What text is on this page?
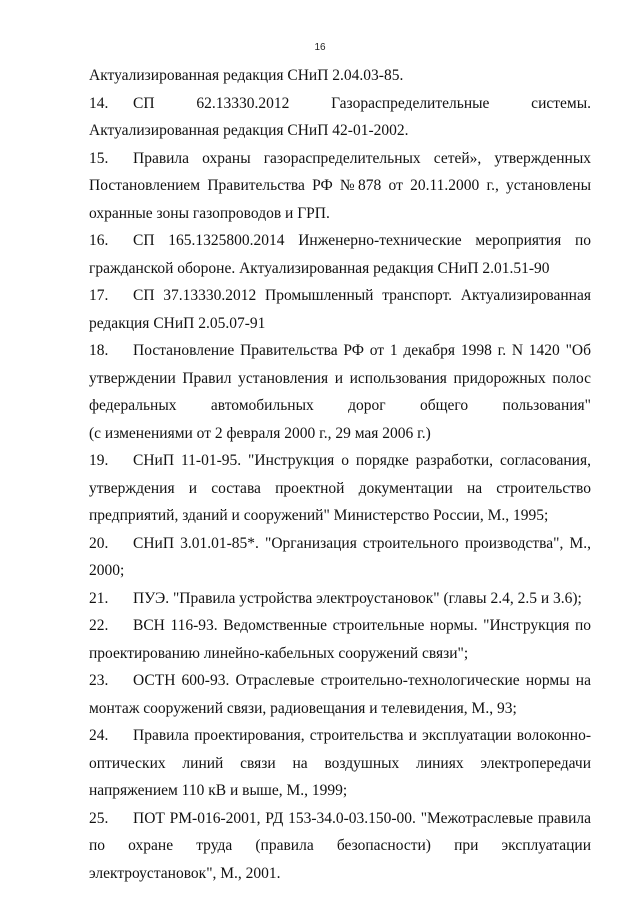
16
Актуализированная редакция СНиП 2.04.03-85.
14. СП 62.13330.2012 Газораспределительные системы. Актуализированная редакция СНиП 42-01-2002.
15. Правила охраны газораспределительных сетей», утвержденных Постановлением Правительства РФ №878 от 20.11.2000 г., установлены охранные зоны газопроводов и ГРП.
16. СП 165.1325800.2014 Инженерно-технические мероприятия по гражданской обороне. Актуализированная редакция СНиП 2.01.51-90
17. СП 37.13330.2012 Промышленный транспорт. Актуализированная редакция СНиП 2.05.07-91
18. Постановление Правительства РФ от 1 декабря 1998 г. N 1420 "Об утверждении Правил установления и использования придорожных полос федеральных автомобильных дорог общего пользования"
(с изменениями от 2 февраля 2000 г., 29 мая 2006 г.)
19. СНиП 11-01-95. "Инструкция о порядке разработки, согласования, утверждения и состава проектной документации на строительство предприятий, зданий и сооружений" Министерство России, М., 1995;
20. СНиП 3.01.01-85*. "Организация строительного производства", М., 2000;
21. ПУЭ. "Правила устройства электроустановок" (главы 2.4, 2.5 и 3.6);
22. ВСН 116-93. Ведомственные строительные нормы. "Инструкция по проектированию линейно-кабельных сооружений связи";
23. ОСТН 600-93. Отраслевые строительно-технологические нормы на монтаж сооружений связи, радиовещания и телевидения, М., 93;
24. Правила проектирования, строительства и эксплуатации волоконно-оптических линий связи на воздушных линиях электропередачи напряжением 110 кВ и выше, М., 1999;
25. ПОТ РМ-016-2001, РД 153-34.0-03.150-00. "Межотраслевые правила по охране труда (правила безопасности) при эксплуатации электроустановок", М., 2001.
